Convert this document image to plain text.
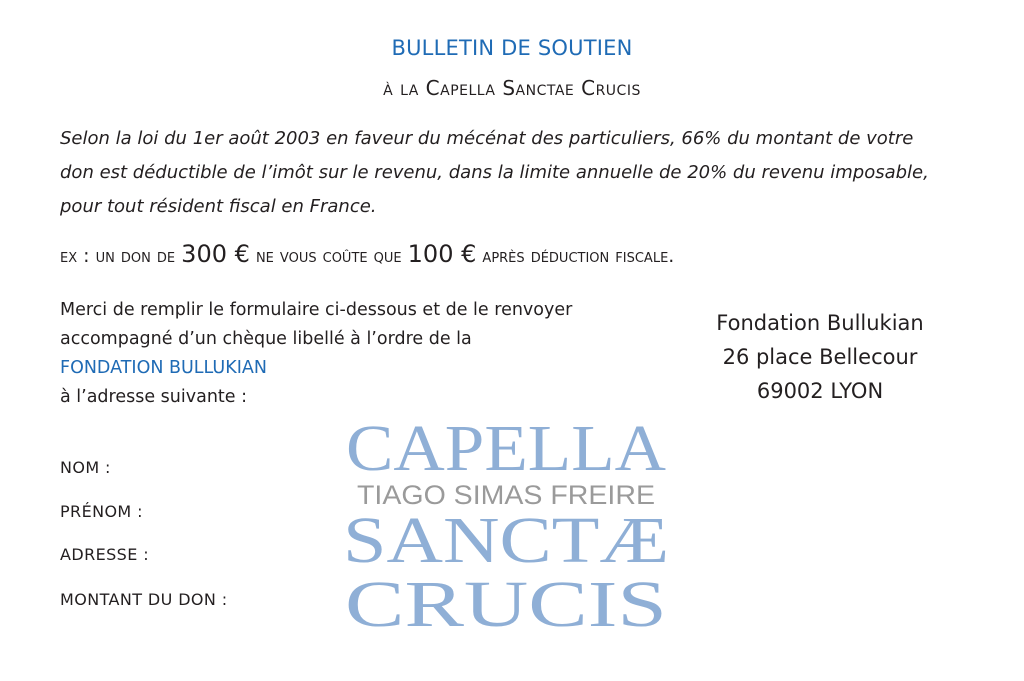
BULLETIN DE SOUTIEN
à la Capella Sanctae Crucis
Selon la loi du 1er août 2003 en faveur du mécénat des particuliers, 66% du montant de votre
don est déductible de l’imôt sur le revenu, dans la limite annuelle de 20% du revenu imposable,
pour tout résident fiscal en France.
ex : un don de 300 € ne vous coûte que 100 € après déduction fiscale.
Merci de remplir le formulaire ci-dessous et de le renvoyer
accompagné d’un chèque libellé à l’ordre de la
FONDATION BULLUKIAN
à l’adresse suivante :
Fondation Bullukian
26 place Bellecour
69002 LYON
NOM :
PRÉNOM :
ADRESSE :
MONTANT DU DON :
CAPELLA
TIAGO SIMAS FREIRE
SANCTÆ
CRUCIS
